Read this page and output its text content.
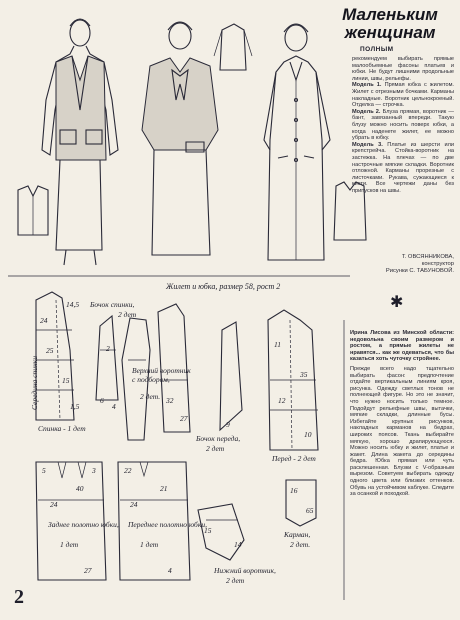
Маленьким женщинам
ПОЛНЫМ
рекомендуем выбирать прямые малообъемные фасоны платьев и юбки. Не будут лишними продольные линии, швы, рельефы.
Модель 1. Прямая юбка с жилетом. Жилет с отрезными бочками. Карманы накладные. Воротник цельнокроеный. Отделка — строчка.
Модель 2. Блуза прямая, воротник — бант, завязанный впереди. Такую блузу можно носить поверх юбки, а когда наденете жилет, ее можно убрать в юбку.
Модель 3. Платье из шерсти или крепстрейча. Стойка-воротник на застежка. На плечах — по две настрочные мягкие складки. Воротник отложной. Карманы прорезные с листочками. Рукава, сужающиеся к кисти. Все чертежи даны без припусков на швы.
Т. ОВСЯННИКОВА,
конструктор
Рисунки С. ТАБУНОВОЙ.
✱
Ирина Лисова из Минской области: недовольна своим размером и ростом, а прямые жилеты не нравятся... как же одеваться, что бы казаться хоть чуточку стройнее.
Прежде всего надо тщательно выбирать фасон: предпочтение отдайте вертикальным линиям кроя, рисунка. Одежду светлых тонов не полнеющей фигуре. Но это не значит, что нужно носить только темное. Подойдут рельефные швы, вытачки, мягкие складки, длинные бусы. Избегайте крупных рисунков, накладных карманов на бедрах, широких поясов. Ткань выбирайте мягкую, хорошо драпирующуюся. Можно носить юбку и жилет, платье и жакет. Длина жакета до середины бедра. Юбка прямая или чуть расклешенная. Блузки с V-образным вырезом. Советуем выбирать одежду одного цвета или близких оттенков. Обувь на устойчивом каблуке. Следите за осанкой и походкой.
Жилет и юбка, размер 58, рост 2
Спинка - 1 дет
Бочок спинки,
2 дет
Верхний воротник с подбором,
2 дет.
Бочок переда,
2 дет
Перед - 2 дет
Заднее полотно юбки,
1 дет
Переднее полотно юбки,
1 дет
Нижний воротник,
2 дет
Карман,
2 дет.
Середина спинки
14,5
24
25
15
2
6
4
1,5
32
27
9
11
35
12
10
5
40
3
24
27
22
21
24
4
15
14
16
65
2
